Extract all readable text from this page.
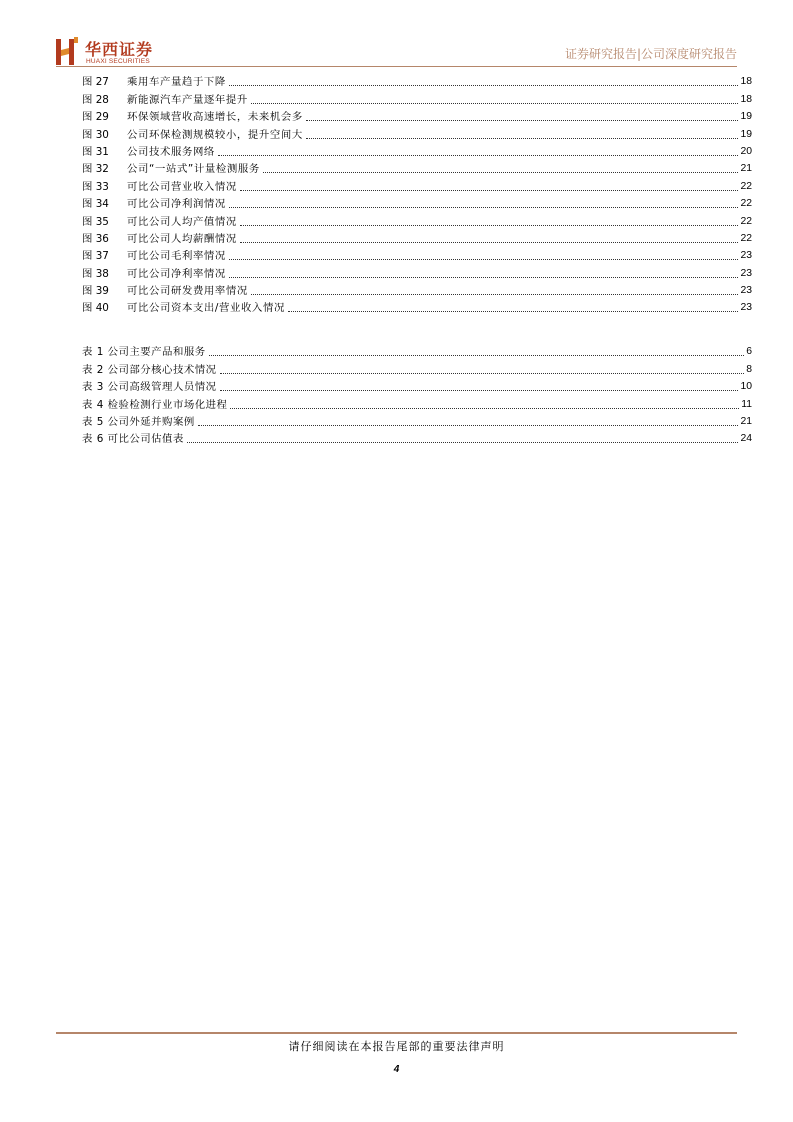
华西证券
HUAXI SECURITIES
证券研究报告|公司深度研究报告
图 27 乘用车产量趋于下降	18
图 28 新能源汽车产量逐年提升	18
图 29 环保领域营收高速增长，未来机会多	19
图 30 公司环保检测规模较小，提升空间大	19
图 31 公司技术服务网络	20
图 32 公司“一站式”计量检测服务	21
图 33 可比公司营业收入情况	22
图 34 可比公司净利润情况	22
图 35 可比公司人均产值情况	22
图 36 可比公司人均薪酬情况	22
图 37 可比公司毛利率情况	23
图 38 可比公司净利率情况	23
图 39 可比公司研发费用率情况	23
图 40 可比公司资本支出/营业收入情况	23
表 1 公司主要产品和服务	6
表 2 公司部分核心技术情况	8
表 3 公司高级管理人员情况	10
表 4 检验检测行业市场化进程	11
表 5 公司外延并购案例	21
表 6 可比公司估值表	24
请仔细阅读在本报告尾部的重要法律声明
4
